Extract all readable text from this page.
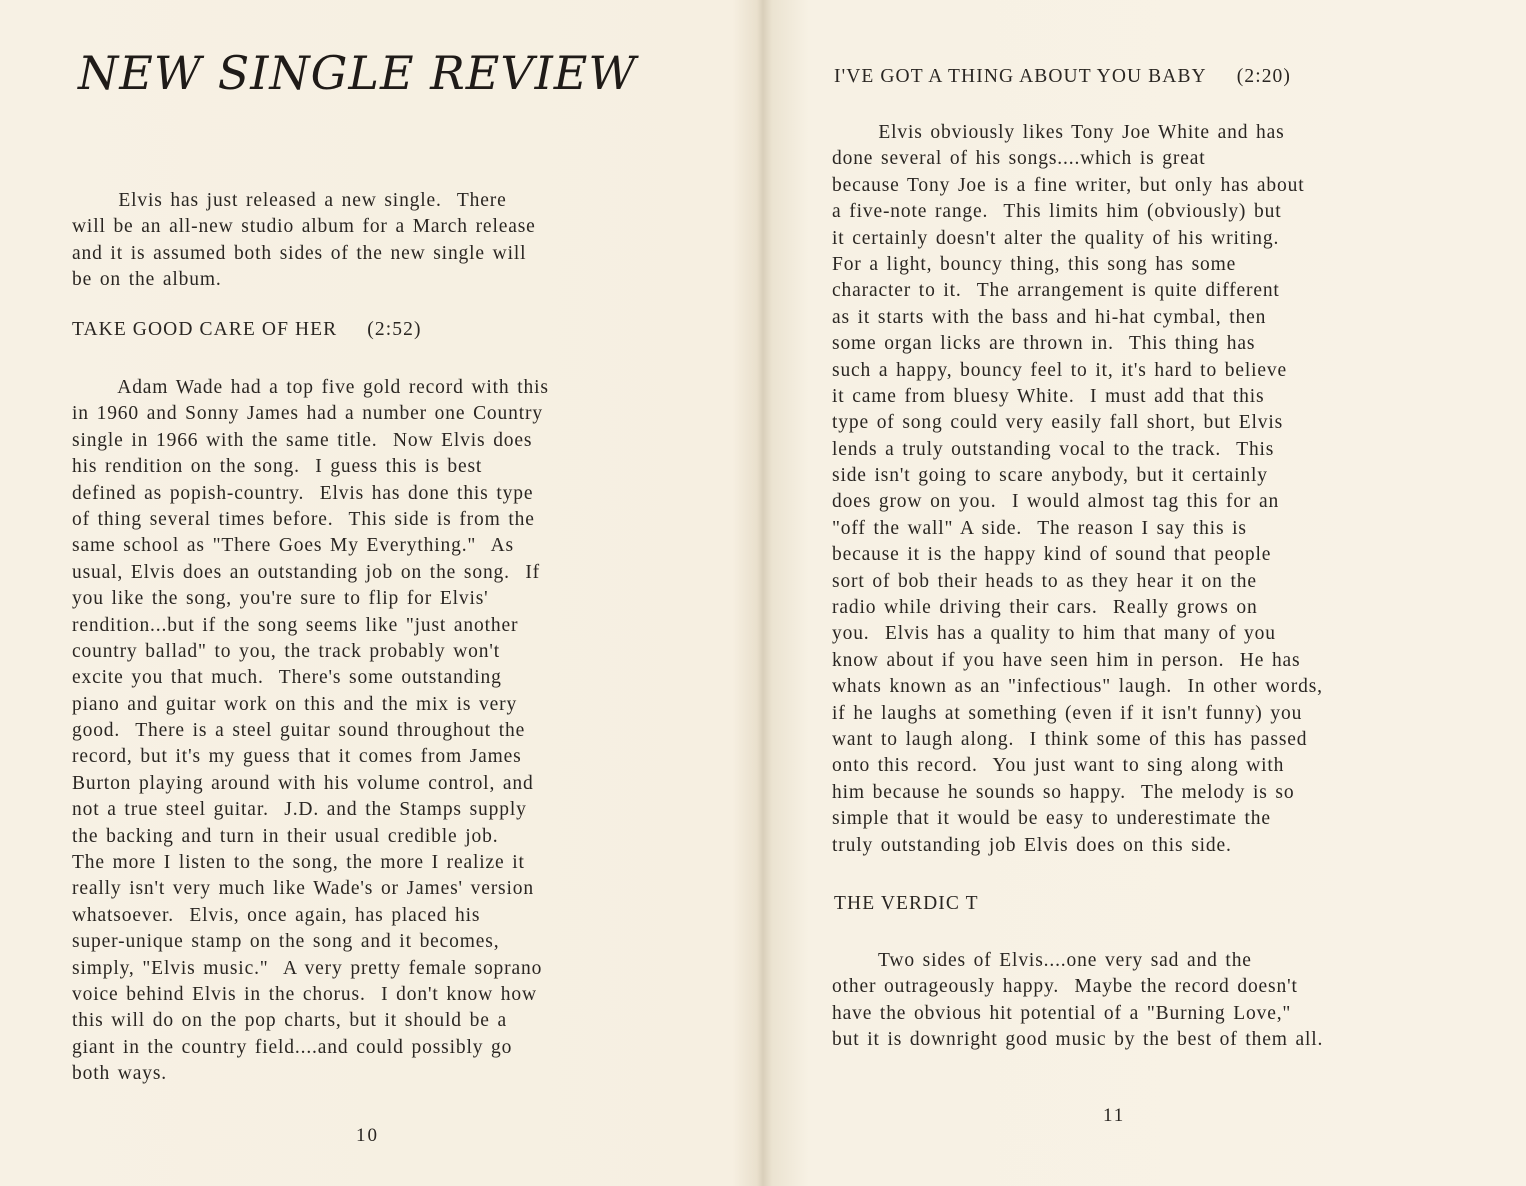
NEW SINGLE REVIEW
Elvis has just released a new single.  There
will be an all-new studio album for a March release
and it is assumed both sides of the new single will
be on the album.
TAKE GOOD CARE OF HER (2:52)
Adam Wade had a top five gold record with this
in 1960 and Sonny James had a number one Country
single in 1966 with the same title.  Now Elvis does
his rendition on the song.  I guess this is best
defined as popish-country.  Elvis has done this type
of thing several times before.  This side is from the
same school as "There Goes My Everything."  As
usual, Elvis does an outstanding job on the song.  If
you like the song, you're sure to flip for Elvis'
rendition...but if the song seems like "just another
country ballad" to you, the track probably won't
excite you that much.  There's some outstanding
piano and guitar work on this and the mix is very
good.  There is a steel guitar sound throughout the
record, but it's my guess that it comes from James
Burton playing around with his volume control, and
not a true steel guitar.  J.D. and the Stamps supply
the backing and turn in their usual credible job.
The more I listen to the song, the more I realize it
really isn't very much like Wade's or James' version
whatsoever.  Elvis, once again, has placed his
super-unique stamp on the song and it becomes,
simply, "Elvis music."  A very pretty female soprano
voice behind Elvis in the chorus.  I don't know how
this will do on the pop charts, but it should be a
giant in the country field....and could possibly go
both ways.
10
I'VE GOT A THING ABOUT YOU BABY (2:20)
Elvis obviously likes Tony Joe White and has
done several of his songs....which is great
because Tony Joe is a fine writer, but only has about
a five-note range.  This limits him (obviously) but
it certainly doesn't alter the quality of his writing.
For a light, bouncy thing, this song has some
character to it.  The arrangement is quite different
as it starts with the bass and hi-hat cymbal, then
some organ licks are thrown in.  This thing has
such a happy, bouncy feel to it, it's hard to believe
it came from bluesy White.  I must add that this
type of song could very easily fall short, but Elvis
lends a truly outstanding vocal to the track.  This
side isn't going to scare anybody, but it certainly
does grow on you.  I would almost tag this for an
"off the wall" A side.  The reason I say this is
because it is the happy kind of sound that people
sort of bob their heads to as they hear it on the
radio while driving their cars.  Really grows on
you.  Elvis has a quality to him that many of you
know about if you have seen him in person.  He has
whats known as an "infectious" laugh.  In other words,
if he laughs at something (even if it isn't funny) you
want to laugh along.  I think some of this has passed
onto this record.  You just want to sing along with
him because he sounds so happy.  The melody is so
simple that it would be easy to underestimate the
truly outstanding job Elvis does on this side.
THE VERDIC T
Two sides of Elvis....one very sad and the
other outrageously happy.  Maybe the record doesn't
have the obvious hit potential of a "Burning Love,"
but it is downright good music by the best of them all.
11
